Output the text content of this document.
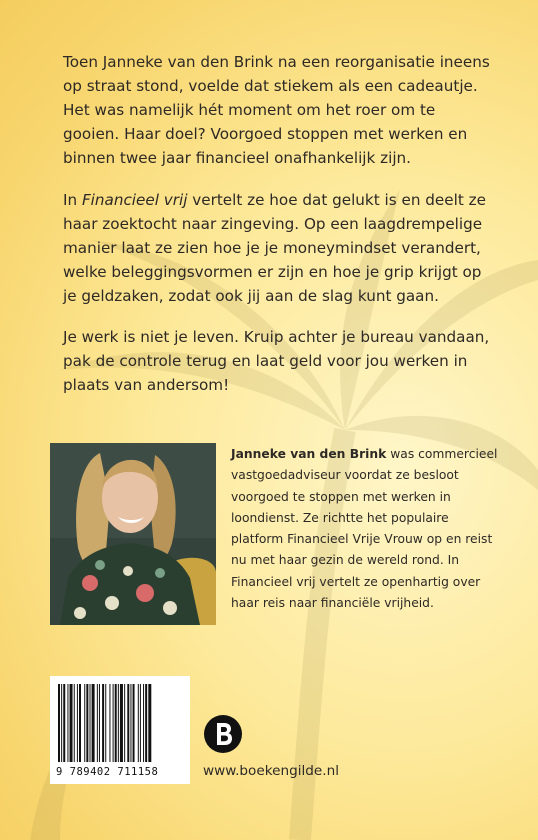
Toen Janneke van den Brink na een reorganisatie ineens op straat stond, voelde dat stiekem als een cadeautje. Het was namelijk hét moment om het roer om te gooien. Haar doel? Voorgoed stoppen met werken en binnen twee jaar financieel onafhankelijk zijn.

In Financieel vrij vertelt ze hoe dat gelukt is en deelt ze haar zoektocht naar zingeving. Op een laagdrempelige manier laat ze zien hoe je je moneymindset verandert, welke beleggingsvormen er zijn en hoe je grip krijgt op je geldzaken, zodat ook jij aan de slag kunt gaan.

Je werk is niet je leven. Kruip achter je bureau vandaan, pak de controle terug en laat geld voor jou werken in plaats van andersom!

Janneke van den Brink was commercieel vastgoedadviseur voordat ze besloot voorgoed te stoppen met werken in loondienst. Ze richtte het populaire platform Financieel Vrije Vrouw op en reist nu met haar gezin de wereld rond. In Financieel vrij vertelt ze openhartig over haar reis naar financiële vrijheid.

9 789402 711158	www.boekengilde.nl
